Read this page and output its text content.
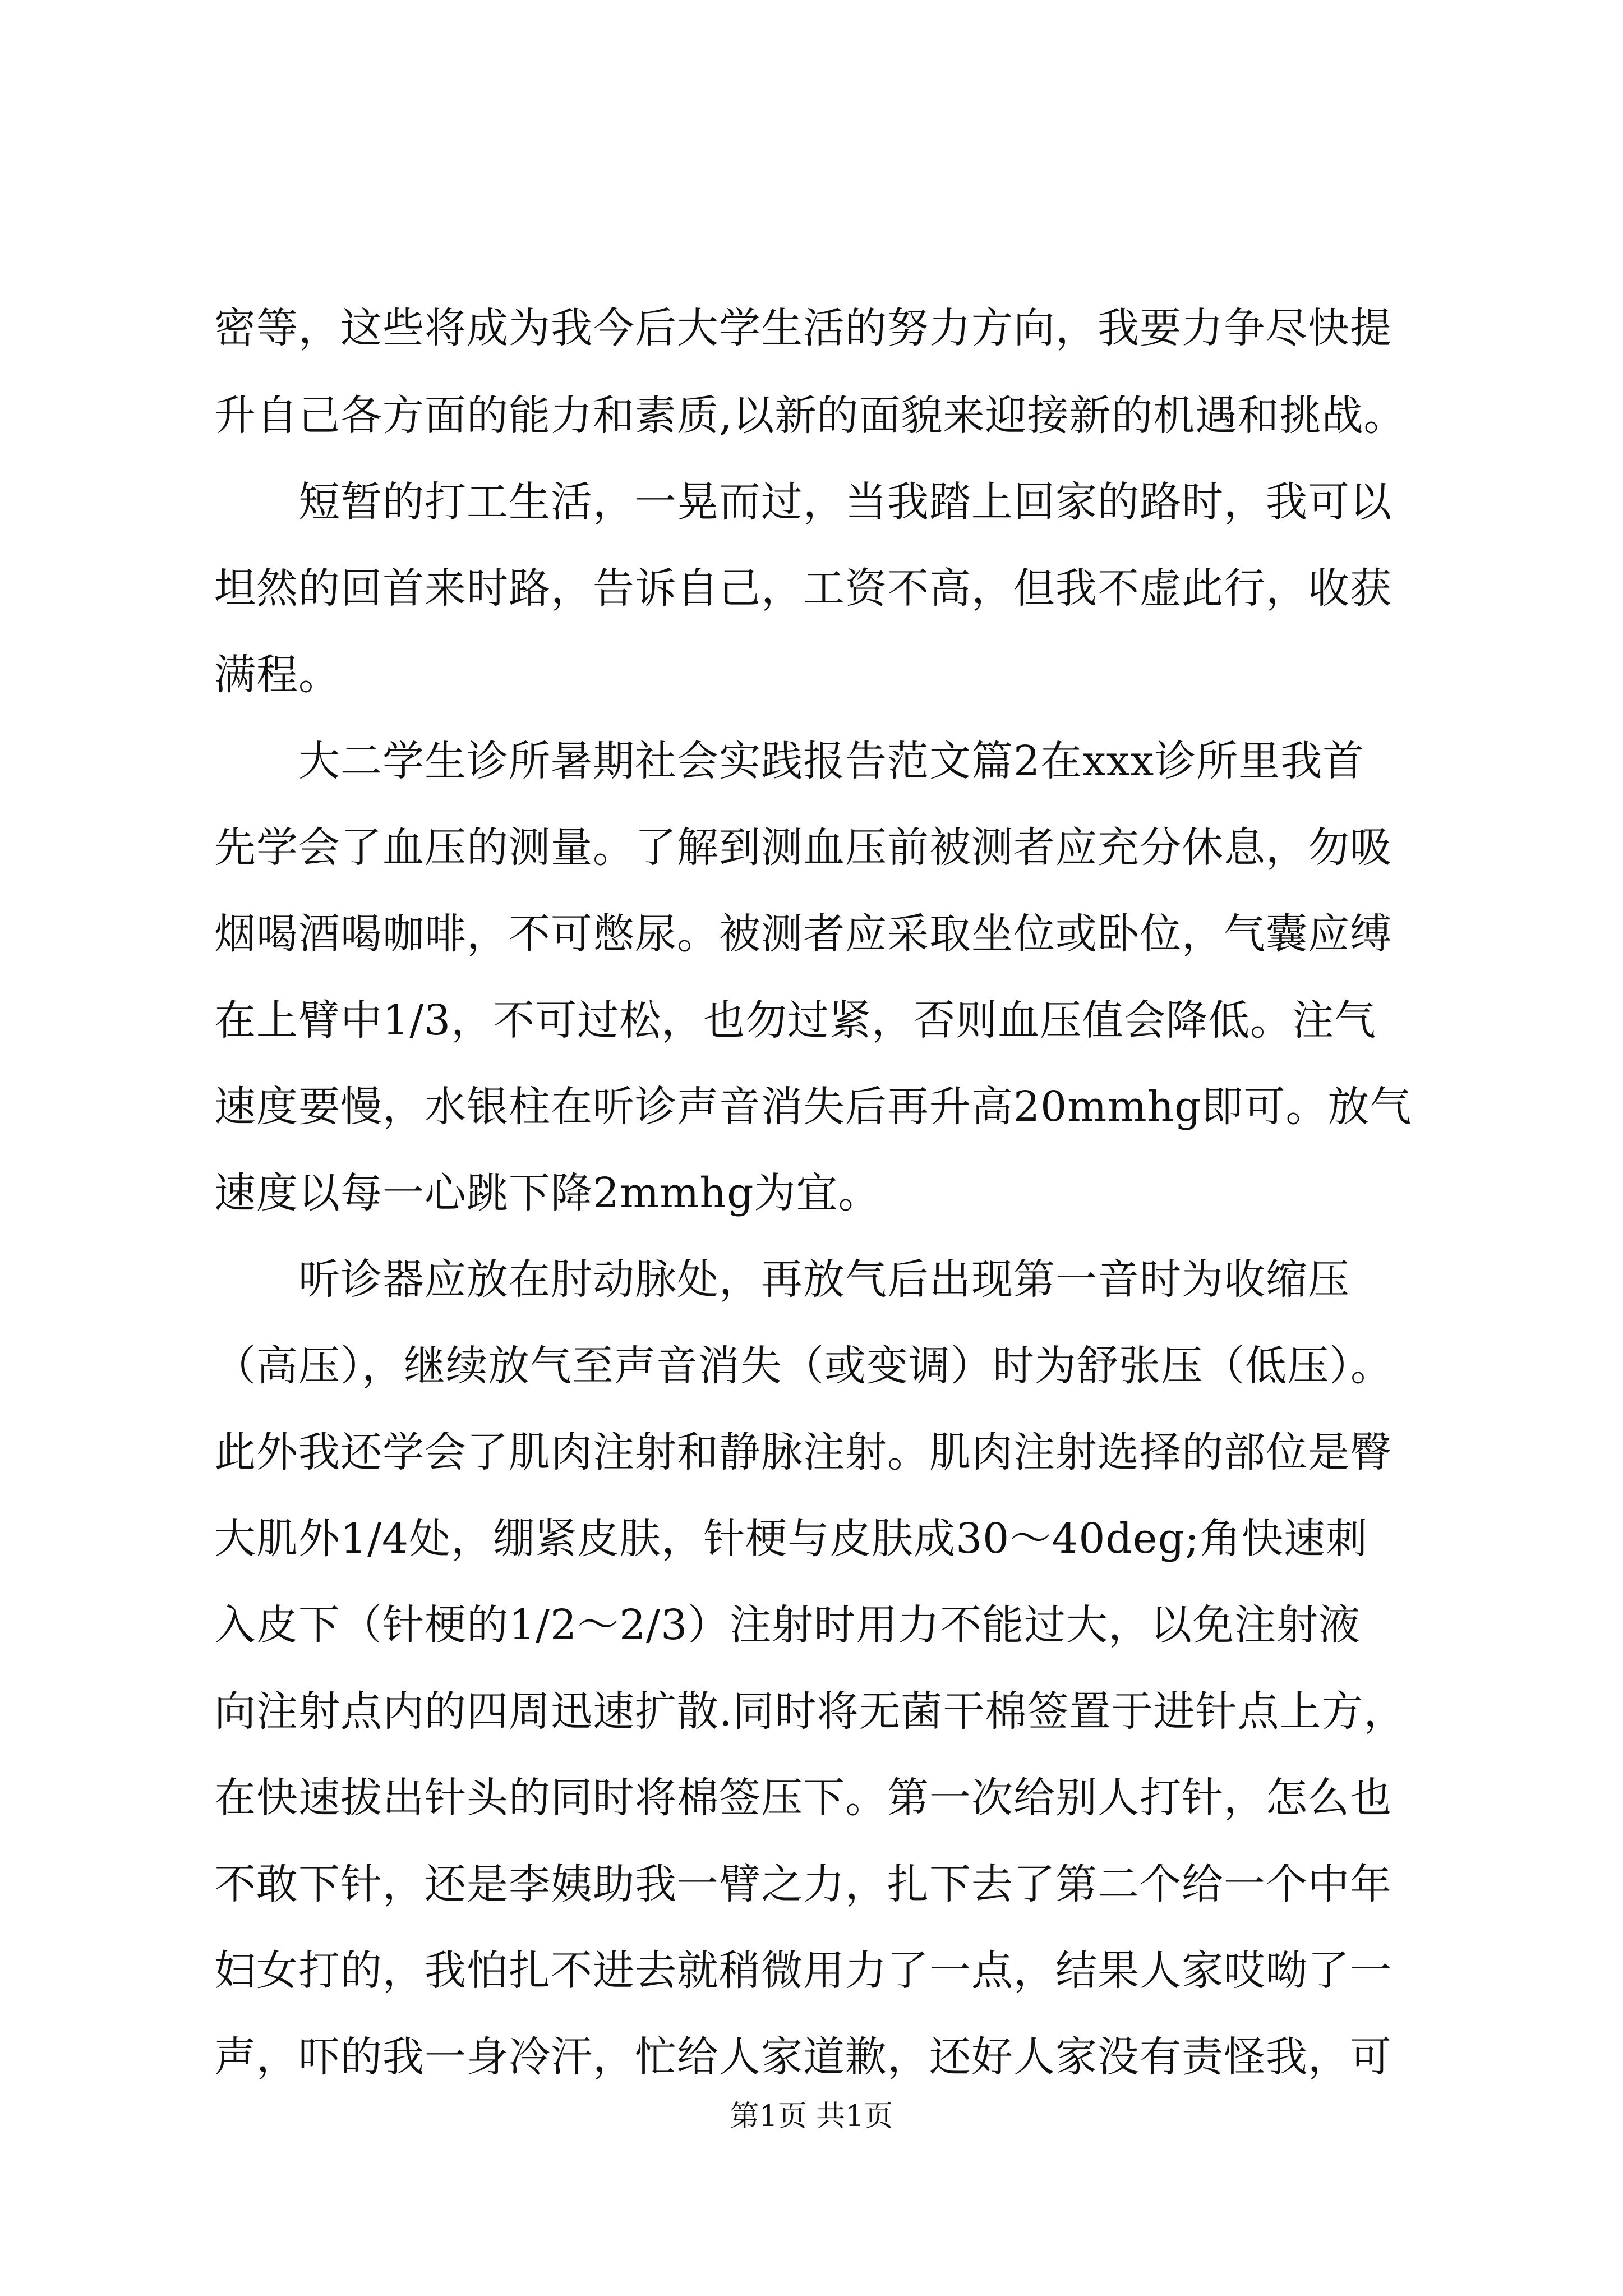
密等，这些将成为我今后大学生活的努力方向，我要力争尽快提
升自己各方面的能力和素质,以新的面貌来迎接新的机遇和挑战。
　　短暂的打工生活，一晃而过，当我踏上回家的路时，我可以
坦然的回首来时路，告诉自己，工资不高，但我不虚此行，收获
满程。
　　大二学生诊所暑期社会实践报告范文篇2在xxx诊所里我首
先学会了血压的测量。了解到测血压前被测者应充分休息，勿吸
烟喝酒喝咖啡，不可憋尿。被测者应采取坐位或卧位，气囊应缚
在上臂中1/3，不可过松，也勿过紧，否则血压值会降低。注气
速度要慢，水银柱在听诊声音消失后再升高20mmhg即可。放气
速度以每一心跳下降2mmhg为宜。
　　听诊器应放在肘动脉处，再放气后出现第一音时为收缩压
（高压），继续放气至声音消失（或变调）时为舒张压（低压）。
此外我还学会了肌肉注射和静脉注射。肌肉注射选择的部位是臀
大肌外1/4处，绷紧皮肤，针梗与皮肤成30～40deg;角快速刺
入皮下（针梗的1/2～2/3）注射时用力不能过大，以免注射液
向注射点内的四周迅速扩散.同时将无菌干棉签置于进针点上方，
在快速拔出针头的同时将棉签压下。第一次给别人打针，怎么也
不敢下针，还是李姨助我一臂之力，扎下去了第二个给一个中年
妇女打的，我怕扎不进去就稍微用力了一点，结果人家哎呦了一
声，吓的我一身冷汗，忙给人家道歉，还好人家没有责怪我，可
第1页 共1页
